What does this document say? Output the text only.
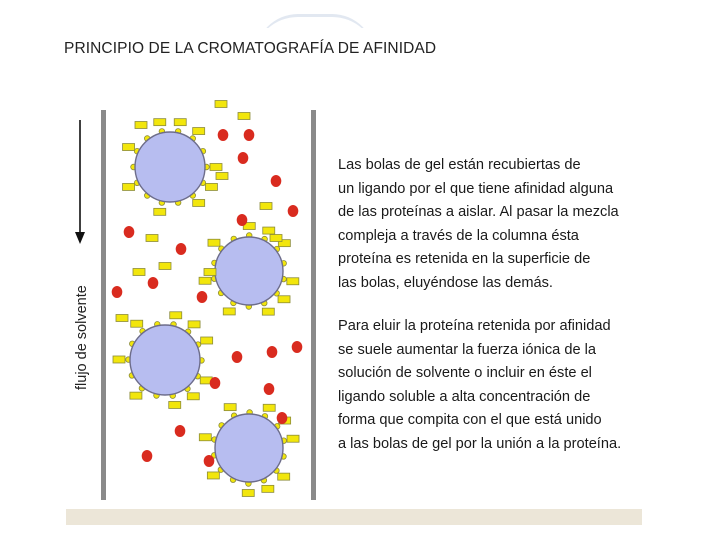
PRINCIPIO DE LA CROMATOGRAFÍA DE AFINIDAD
flujo de solvente

Las bolas de gel están recubiertas de
un ligando por el que tiene afinidad alguna
de las proteínas a aislar. Al pasar la mezcla
compleja a través de la columna ésta
proteína es retenida en la superficie de
las bolas, eluyéndose las demás.

Para eluir la proteína retenida por afinidad
se suele aumentar la fuerza iónica de la
solución de solvente o incluir en éste el
ligando soluble a alta concentración de
forma que compita con el que está unido
a las bolas de gel por la unión a la proteína.
